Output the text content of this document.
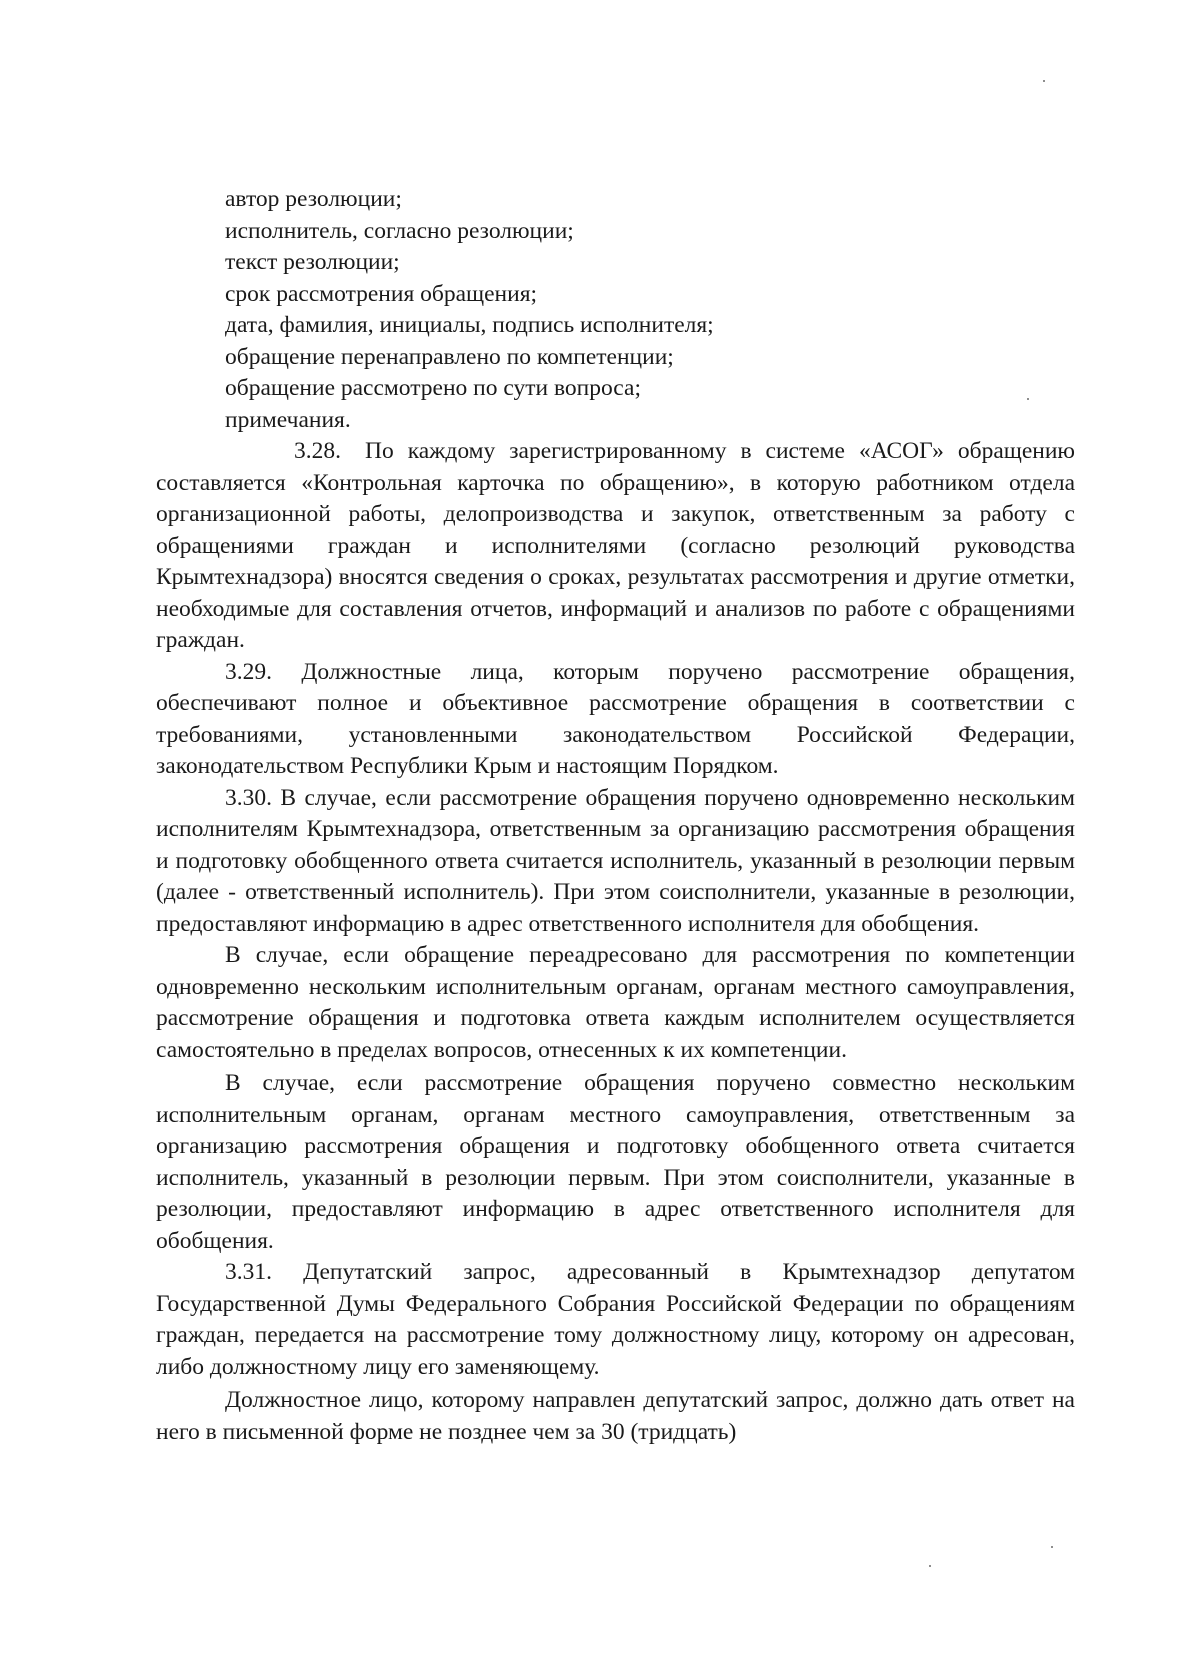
автор резолюции;
исполнитель, согласно резолюции;
текст резолюции;
срок рассмотрения обращения;
дата, фамилия, инициалы, подпись исполнителя;
обращение перенаправлено по компетенции;
обращение рассмотрено по сути вопроса;
примечания.

3.28. По каждому зарегистрированному в системе «АСОГ» обращению составляется «Контрольная карточка по обращению», в которую работником отдела организационной работы, делопроизводства и закупок, ответственным за работу с обращениями граждан и исполнителями (согласно резолюций руководства Крымтехнадзора) вносятся сведения о сроках, результатах рассмотрения и другие отметки, необходимые для составления отчетов, информаций и анализов по работе с обращениями граждан.

3.29. Должностные лица, которым поручено рассмотрение обращения, обеспечивают полное и объективное рассмотрение обращения в соответствии с требованиями, установленными законодательством Российской Федерации, законодательством Республики Крым и настоящим Порядком.

3.30. В случае, если рассмотрение обращения поручено одновременно нескольким исполнителям Крымтехнадзора, ответственным за организацию рассмотрения обращения и подготовку обобщенного ответа считается исполнитель, указанный в резолюции первым (далее - ответственный исполнитель). При этом соисполнители, указанные в резолюции, предоставляют информацию в адрес ответственного исполнителя для обобщения.

В случае, если обращение переадресовано для рассмотрения по компетенции одновременно нескольким исполнительным органам, органам местного самоуправления, рассмотрение обращения и подготовка ответа каждым исполнителем осуществляется самостоятельно в пределах вопросов, отнесенных к их компетенции.

В случае, если рассмотрение обращения поручено совместно нескольким исполнительным органам, органам местного самоуправления, ответственным за организацию рассмотрения обращения и подготовку обобщенного ответа считается исполнитель, указанный в резолюции первым. При этом соисполнители, указанные в резолюции, предоставляют информацию в адрес ответственного исполнителя для обобщения.

3.31. Депутатский запрос, адресованный в Крымтехнадзор депутатом Государственной Думы Федерального Собрания Российской Федерации по обращениям граждан, передается на рассмотрение тому должностному лицу, которому он адресован, либо должностному лицу его заменяющему.

Должностное лицо, которому направлен депутатский запрос, должно дать ответ на него в письменной форме не позднее чем за 30 (тридцать)
